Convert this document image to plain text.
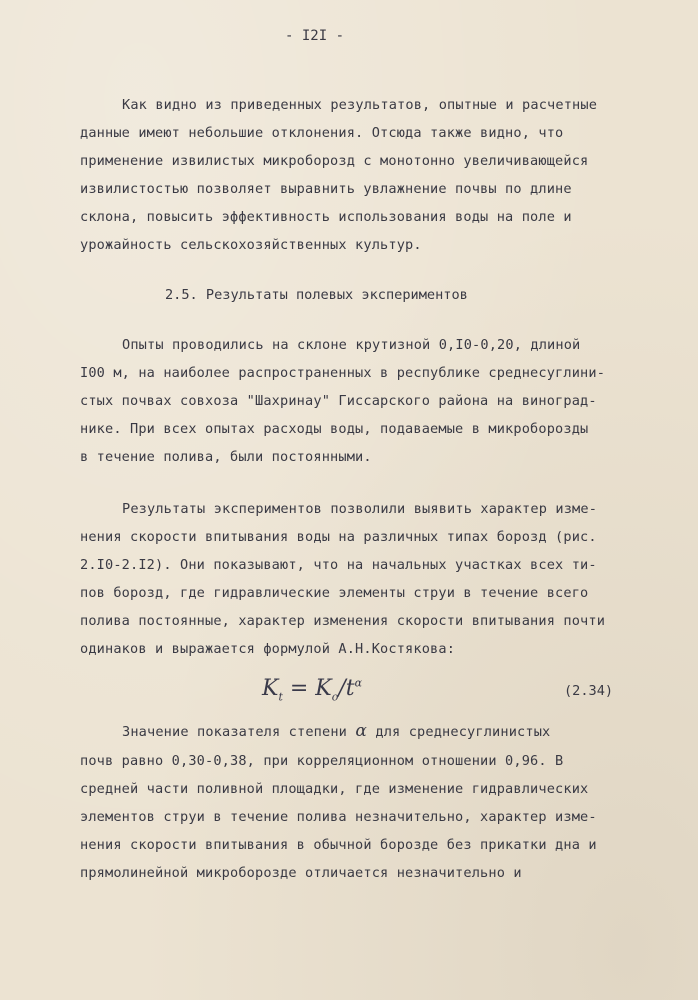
- I2I -
Как видно из приведенных результатов, опытные и расчетные
данные имеют небольшие отклонения. Отсюда также видно, что
применение извилистых микроборозд с монотонно увеличивающейся
извилистостью позволяет выравнить увлажнение почвы по длине
склона, повысить эффективность использования воды на поле и
урожайность сельскохозяйственных культур.
2.5. Результаты полевых экспериментов
Опыты проводились на склоне крутизной 0,I0-0,20, длиной
I00 м, на наиболее распространенных в республике среднесуглини-
стых почвах совхоза "Шахринау" Гиссарского района на виноград-
нике. При всех опытах расходы воды, подаваемые в микроборозды
в течение полива, были постоянными.
Результаты экспериментов позволили выявить характер изме-
нения скорости впитывания воды на различных типах борозд (рис.
2.I0-2.I2). Они показывают, что на начальных участках всех ти-
пов борозд, где гидравлические элементы струи в течение всего
полива постоянные, характер изменения скорости впитывания почти
одинаков и выражается формулой А.Н.Костякова:
$K_t = K_o/t^\alpha$	(2.34)
Значение показателя степени α для среднесуглинистых
почв равно 0,30-0,38, при корреляционном отношении 0,96. В
средней части поливной площадки, где изменение гидравлических
элементов струи в течение полива незначительно, характер изме-
нения скорости впитывания в обычной борозде без прикатки дна и
прямолинейной микроборозде отличается незначительно и
